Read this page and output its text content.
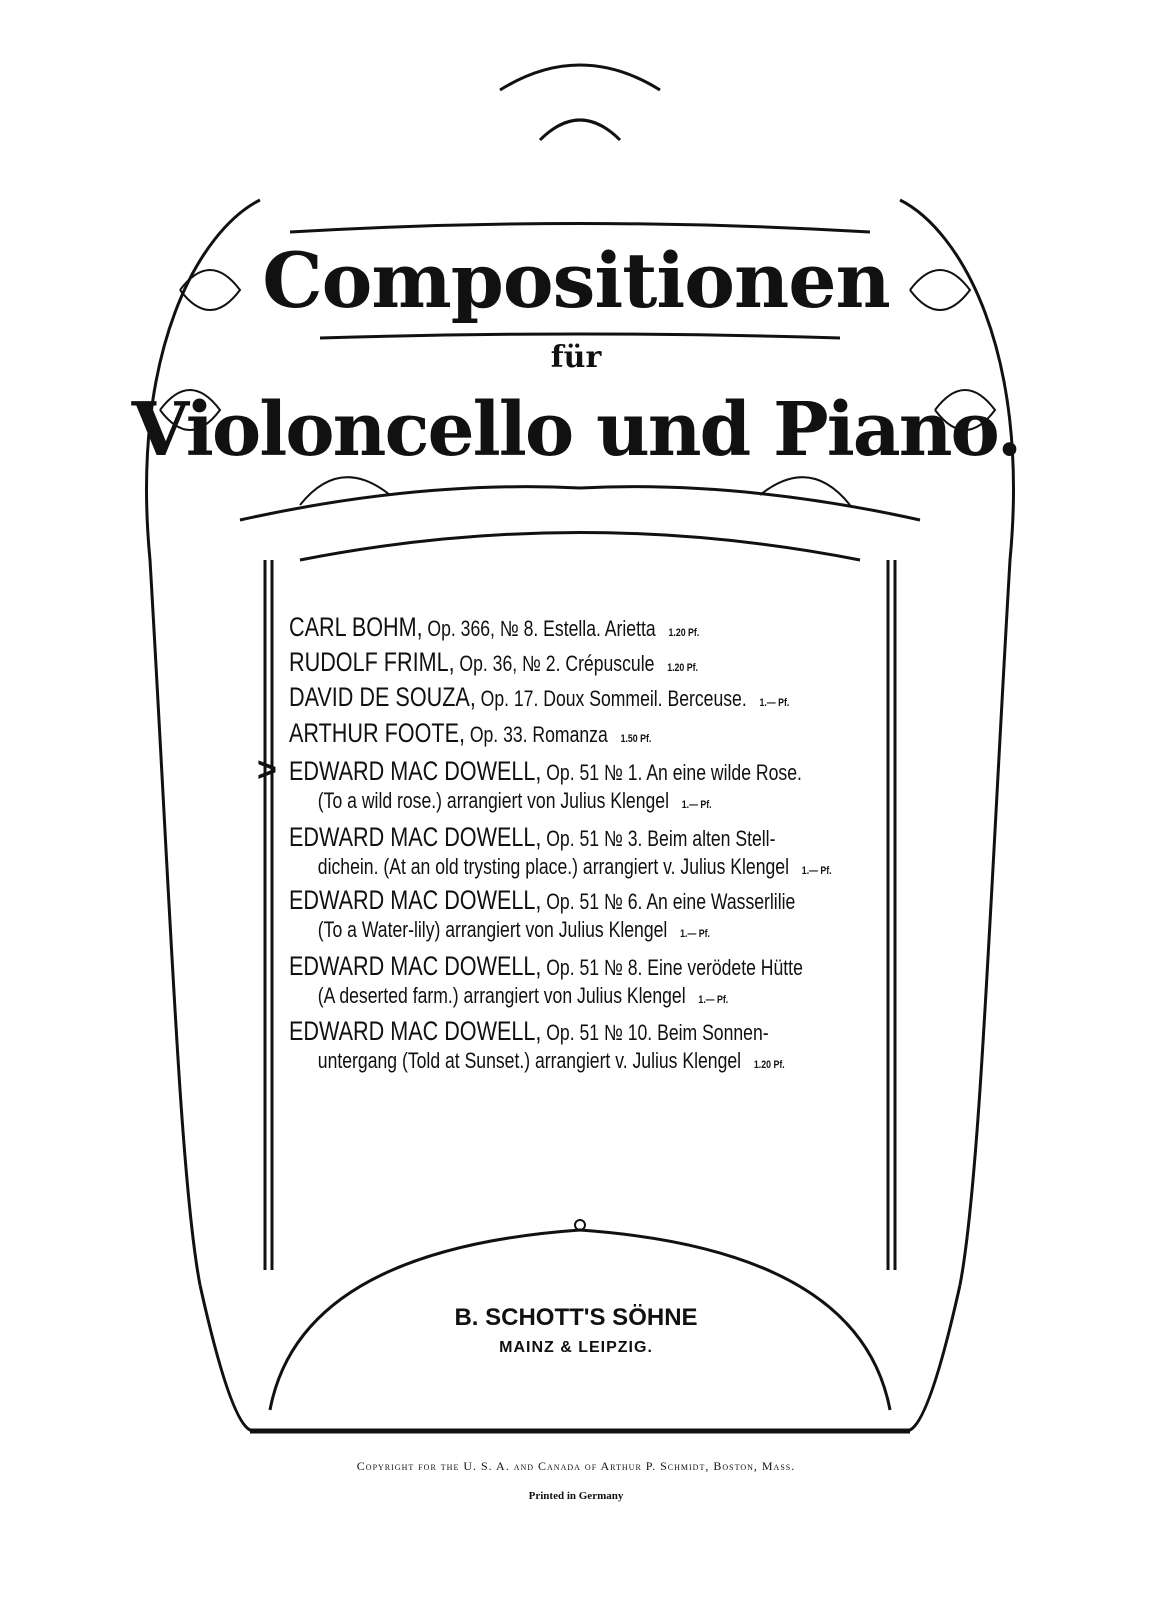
Compositionen
für
Violoncello und Piano.
>
CARL BOHM, Op. 366, № 8. Estella. Arietta 1.20 Pf.
RUDOLF FRIML, Op. 36, № 2. Crépuscule 1.20 Pf.
DAVID DE SOUZA, Op. 17. Doux Sommeil. Berceuse. 1.— Pf.
ARTHUR FOOTE, Op. 33. Romanza 1.50 Pf.
EDWARD MAC DOWELL, Op. 51 № 1. An eine wilde Rose.
(To a wild rose.) arrangiert von Julius Klengel 1.— Pf.
EDWARD MAC DOWELL, Op. 51 № 3. Beim alten Stell-
dichein. (At an old trysting place.) arrangiert v. Julius Klengel 1.— Pf.
EDWARD MAC DOWELL, Op. 51 № 6. An eine Wasserlilie
(To a Water-lily) arrangiert von Julius Klengel 1.— Pf.
EDWARD MAC DOWELL, Op. 51 № 8. Eine verödete Hütte
(A deserted farm.) arrangiert von Julius Klengel 1.— Pf.
EDWARD MAC DOWELL, Op. 51 № 10. Beim Sonnen-
untergang (Told at Sunset.) arrangiert v. Julius Klengel 1.20 Pf.
B. SCHOTT'S SÖHNE
MAINZ & LEIPZIG.
Copyright for the U. S. A. and Canada of Arthur P. Schmidt, Boston, Mass.
Printed in Germany
